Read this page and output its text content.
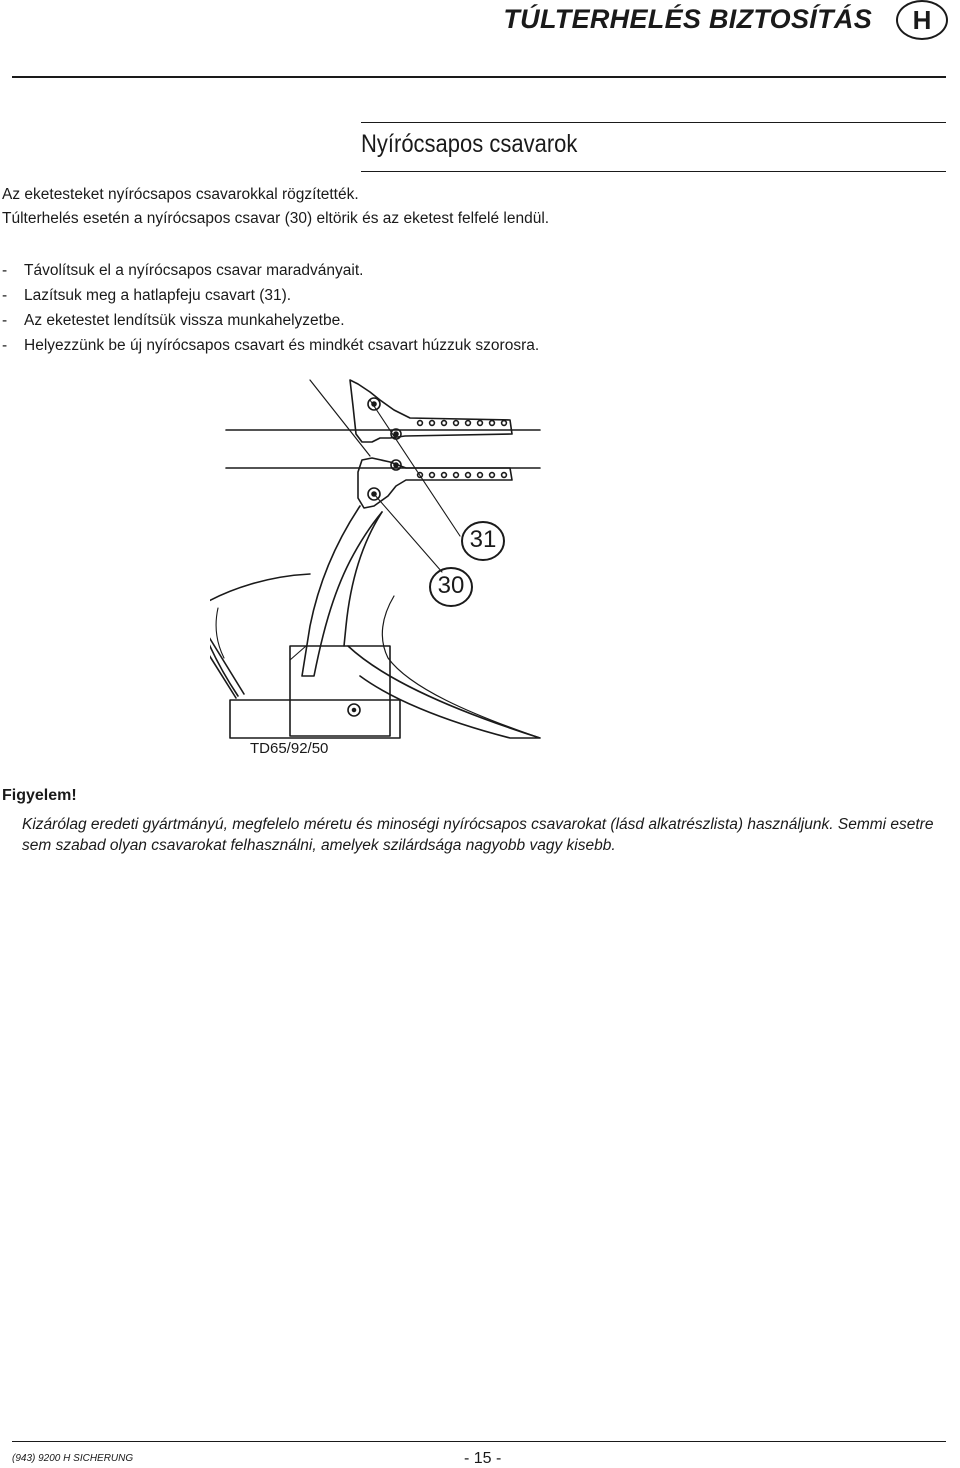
TÚLTERHELÉS BIZTOSÍTÁS H
Nyírócsapos csavarok
Az eketesteket nyírócsapos csavarokkal rögzítették.
Túlterhelés esetén a nyírócsapos csavar (30) eltörik és az eketest felfelé lendül.
- Távolítsuk el a nyírócsapos csavar maradványait.
- Lazítsuk meg a hatlapfeju csavart (31).
- Az eketestet lendítsük vissza munkahelyzetbe.
- Helyezzünk be új nyírócsapos csavart és mindkét csavart húzzuk szorosra.
31
30
TD65/92/50
Figyelem!
Kizárólag eredeti gyártmányú, megfelelo méretu és minoségi nyírócsapos csavarokat (lásd alkatrészlista) használjunk. Semmi esetre sem szabad olyan csavarokat felhasználni, amelyek szilárdsága nagyobb vagy kisebb.
(943) 9200 H SICHERUNG	- 15 -
